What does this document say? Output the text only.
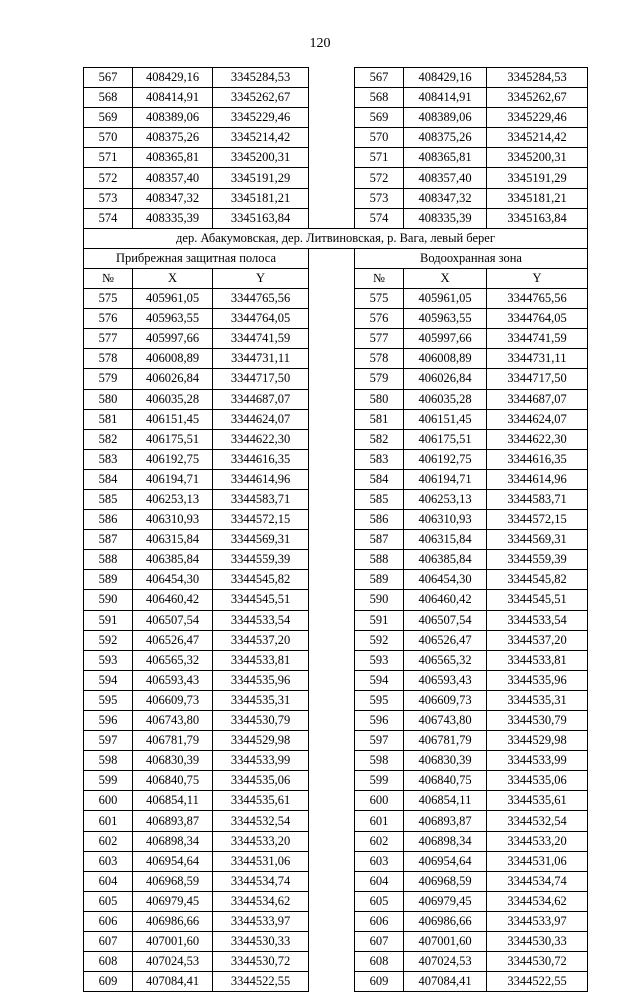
120
567	408429,16	3345284,53		567	408429,16	3345284,53
568	408414,91	3345262,67		568	408414,91	3345262,67
569	408389,06	3345229,46		569	408389,06	3345229,46
570	408375,26	3345214,42		570	408375,26	3345214,42
571	408365,81	3345200,31		571	408365,81	3345200,31
572	408357,40	3345191,29		572	408357,40	3345191,29
573	408347,32	3345181,21		573	408347,32	3345181,21
574	408335,39	3345163,84		574	408335,39	3345163,84
дер. Абакумовская, дер. Литвиновская, р. Вага, левый берег						
Прибрежная защитная полоса				Водоохранная зона		
№	X	Y		№	X	Y
575	405961,05	3344765,56		575	405961,05	3344765,56
576	405963,55	3344764,05		576	405963,55	3344764,05
577	405997,66	3344741,59		577	405997,66	3344741,59
578	406008,89	3344731,11		578	406008,89	3344731,11
579	406026,84	3344717,50		579	406026,84	3344717,50
580	406035,28	3344687,07		580	406035,28	3344687,07
581	406151,45	3344624,07		581	406151,45	3344624,07
582	406175,51	3344622,30		582	406175,51	3344622,30
583	406192,75	3344616,35		583	406192,75	3344616,35
584	406194,71	3344614,96		584	406194,71	3344614,96
585	406253,13	3344583,71		585	406253,13	3344583,71
586	406310,93	3344572,15		586	406310,93	3344572,15
587	406315,84	3344569,31		587	406315,84	3344569,31
588	406385,84	3344559,39		588	406385,84	3344559,39
589	406454,30	3344545,82		589	406454,30	3344545,82
590	406460,42	3344545,51		590	406460,42	3344545,51
591	406507,54	3344533,54		591	406507,54	3344533,54
592	406526,47	3344537,20		592	406526,47	3344537,20
593	406565,32	3344533,81		593	406565,32	3344533,81
594	406593,43	3344535,96		594	406593,43	3344535,96
595	406609,73	3344535,31		595	406609,73	3344535,31
596	406743,80	3344530,79		596	406743,80	3344530,79
597	406781,79	3344529,98		597	406781,79	3344529,98
598	406830,39	3344533,99		598	406830,39	3344533,99
599	406840,75	3344535,06		599	406840,75	3344535,06
600	406854,11	3344535,61		600	406854,11	3344535,61
601	406893,87	3344532,54		601	406893,87	3344532,54
602	406898,34	3344533,20		602	406898,34	3344533,20
603	406954,64	3344531,06		603	406954,64	3344531,06
604	406968,59	3344534,74		604	406968,59	3344534,74
605	406979,45	3344534,62		605	406979,45	3344534,62
606	406986,66	3344533,97		606	406986,66	3344533,97
607	407001,60	3344530,33		607	407001,60	3344530,33
608	407024,53	3344530,72		608	407024,53	3344530,72
609	407084,41	3344522,55		609	407084,41	3344522,55
